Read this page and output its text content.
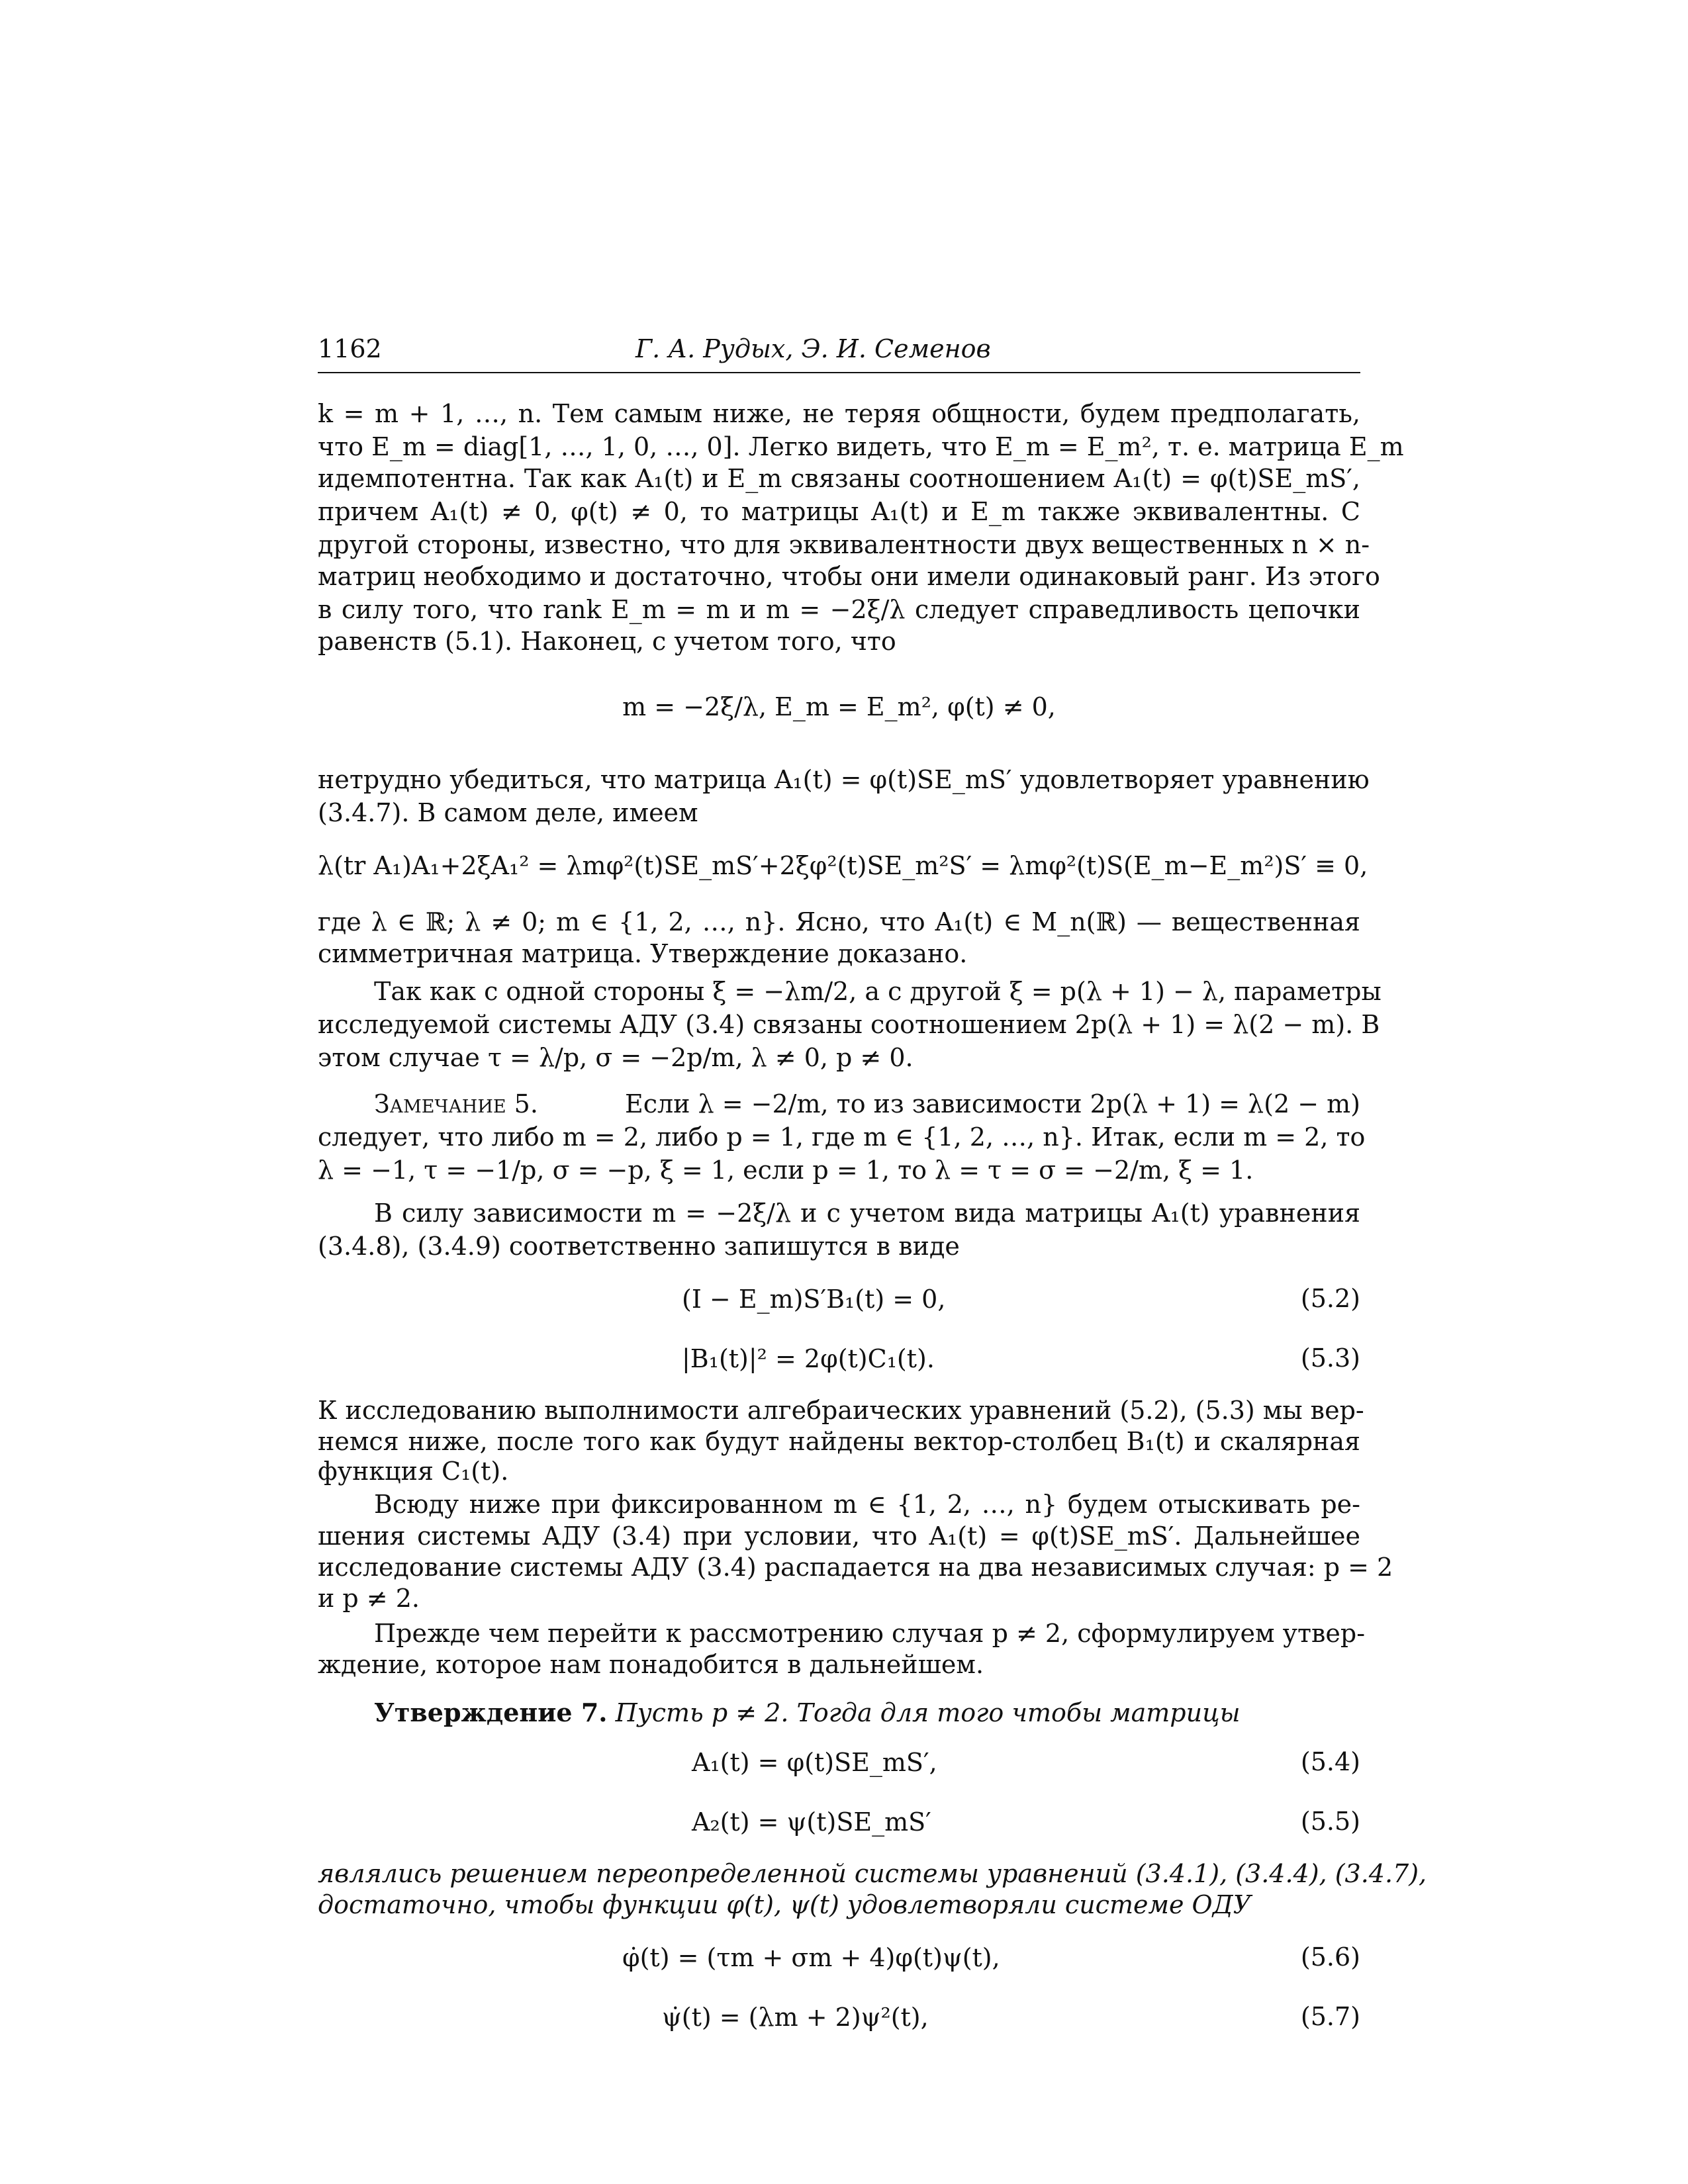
1162	Г. А. Рудых, Э. И. Семенов
k = m + 1, …, n. Тем самым ниже, не теряя общности, будем предполагать,
что E_m = diag[1, …, 1, 0, …, 0]. Легко видеть, что E_m = E_m², т. е. матрица E_m
идемпотентна. Так как A₁(t) и E_m связаны соотношением A₁(t) = φ(t)SE_mS′,
причем A₁(t) ≠ 0, φ(t) ≠ 0, то матрицы A₁(t) и E_m также эквивалентны. С
другой стороны, известно, что для эквивалентности двух вещественных n × n-
матриц необходимо и достаточно, чтобы они имели одинаковый ранг. Из этого
в силу того, что rank E_m = m и m = −2ξ/λ следует справедливость цепочки
равенств (5.1). Наконец, с учетом того, что
m = −2ξ/λ, E_m = E_m², φ(t) ≠ 0,
нетрудно убедиться, что матрица A₁(t) = φ(t)SE_mS′ удовлетворяет уравнению
(3.4.7). В самом деле, имеем
λ(tr A₁)A₁+2ξA₁² = λmφ²(t)SE_mS′+2ξφ²(t)SE_m²S′ = λmφ²(t)S(E_m−E_m²)S′ ≡ 0,
где λ ∈ ℝ; λ ≠ 0; m ∈ {1, 2, …, n}. Ясно, что A₁(t) ∈ M_n(ℝ) — вещественная
симметричная матрица. Утверждение доказано.
Так как с одной стороны ξ = −λm/2, а с другой ξ = p(λ + 1) − λ, параметры
исследуемой системы АДУ (3.4) связаны соотношением 2p(λ + 1) = λ(2 − m). В
этом случае τ = λ/p, σ = −2p/m, λ ≠ 0, p ≠ 0.
Замечание 5.	Если λ = −2/m, то из зависимости 2p(λ + 1) = λ(2 − m)
следует, что либо m = 2, либо p = 1, где m ∈ {1, 2, …, n}. Итак, если m = 2, то
λ = −1, τ = −1/p, σ = −p, ξ = 1, если p = 1, то λ = τ = σ = −2/m, ξ = 1.
В силу зависимости m = −2ξ/λ и с учетом вида матрицы A₁(t) уравнения
(3.4.8), (3.4.9) соответственно запишутся в виде
(I − E_m)S′B₁(t) = 0,	(5.2)
|B₁(t)|² = 2φ(t)C₁(t).	(5.3)
К исследованию выполнимости алгебраических уравнений (5.2), (5.3) мы вер-
немся ниже, после того как будут найдены вектор-столбец B₁(t) и скалярная
функция C₁(t).
Всюду ниже при фиксированном m ∈ {1, 2, …, n} будем отыскивать ре-
шения системы АДУ (3.4) при условии, что A₁(t) = φ(t)SE_mS′. Дальнейшее
исследование системы АДУ (3.4) распадается на два независимых случая: p = 2
и p ≠ 2.
Прежде чем перейти к рассмотрению случая p ≠ 2, сформулируем утвер-
ждение, которое нам понадобится в дальнейшем.
Утверждение 7. Пусть p ≠ 2. Тогда для того чтобы матрицы
A₁(t) = φ(t)SE_mS′,	(5.4)
A₂(t) = ψ(t)SE_mS′	(5.5)
являлись решением переопределенной системы уравнений (3.4.1), (3.4.4), (3.4.7),
достаточно, чтобы функции φ(t), ψ(t) удовлетворяли системе ОДУ
φ̇(t) = (τm + σm + 4)φ(t)ψ(t),	(5.6)
ψ̇(t) = (λm + 2)ψ²(t),	(5.7)
